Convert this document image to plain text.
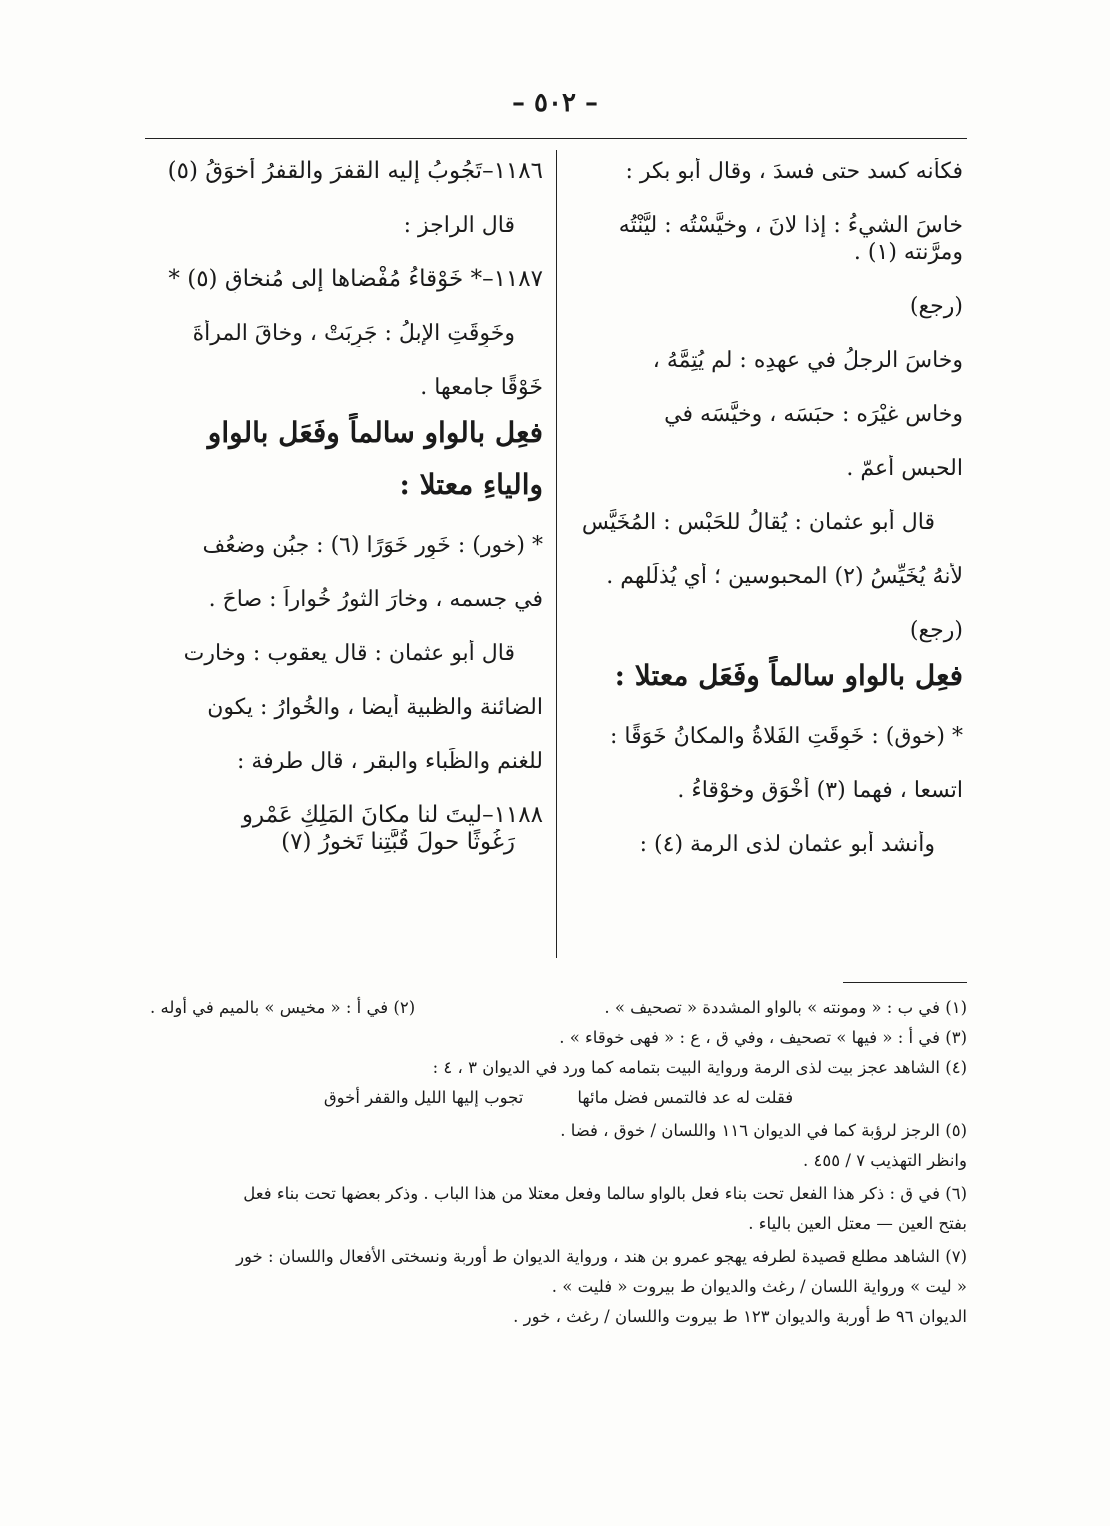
– ٥٠٢ –
فكأنه كسد حتى فسدَ ، وقال أبو بكر :
خاسَ الشيءُ : إذا لانَ ، وخيَّسْتُه : ليَّنْتُه
ومرَّنته (١) .
(رجع)
وخاسَ الرجلُ في عهدِه : لم يُتِمَّهُ ،
وخاس غيْرَه : حبَسَه ، وخيَّسَه في
الحبس أعمّ .
قال أبو عثمان : يُقالُ للحَبْس : المُخَيَّس
لأنهُ يُخَيِّسُ (٢) المحبوسين ؛ أي يُذلِّلهم .
(رجع)
فعِل بالواو سالماً وفَعَل معتلا :
* (خوق) : خَوِقَتِ الفَلاةُ والمكانُ خَوَقًا :
اتسعا ، فهما (٣) أخْوَق وخوْقاءُ .
وأنشد أبو عثمان لذى الرمة (٤) :
١١٨٦–تَجُوبُ إليه القفرَ والقفرُ أخوَقُ (٥)
قال الراجز :
١١٨٧–* خَوْقاءُ مُفْضاها إلى مُنخاقِ (٥) *
وخَوِقَتِ الإبلُ : جَرِبَتْ ، وخاقَ المرأةَ
خَوْقًا جامعها .
فعِل بالواو سالماً وفَعَل بالواو
والياءِ معتلا :
* (خور) : خَوِر خَوَرًا (٦) : جبُن وضعُف
في جسمه ، وخارَ الثورُ خُواراً : صاحَ .
قال أبو عثمان : قال يعقوب : وخارت
الضائنة والظبية أيضا ، والخُوارُ : يكون
للغنم والظِّباء والبقر ، قال طرفة :
١١٨٨–ليتَ لنا مكانَ المَلِكِ عَمْرو
رَغُوثًا حولَ قُبَّتِنا تَخورُ (٧)
(١) في ب : « ومونته » بالواو المشددة « تصحيف » .
(٢) في أ : « مخيس » بالميم في أوله .
(٣) في أ : « فيها » تصحيف ، وفي ق ، ع : « فهى خوقاء » .
(٤) الشاهد عجز بيت لذى الرمة ورواية البيت بتمامه كما ورد في الديوان ٣ ، ٤ :
فقلت له عد فالتمس فضل مائها
تجوب إليها الليل والقفر أخوق
(٥) الرجز لرؤبة كما في الديوان ١١٦ واللسان / خوق ، فضا .
وانظر التهذيب ٧ / ٤٥٥ .
(٦) في ق : ذكر هذا الفعل تحت بناء فعل بالواو سالما وفعل معتلا من هذا الباب . وذكر بعضها تحت بناء فعل
بفتح العين — معتل العين بالياء .
(٧) الشاهد مطلع قصيدة لطرفه يهجو عمرو بن هند ، ورواية الديوان ط أوربة ونسختى الأفعال واللسان : خور
« ليت » ورواية اللسان / رغث والديوان ط بيروت « فليت » .
الديوان ٩٦ ط أوربة والديوان ١٢٣ ط بيروت واللسان / رغث ، خور .
